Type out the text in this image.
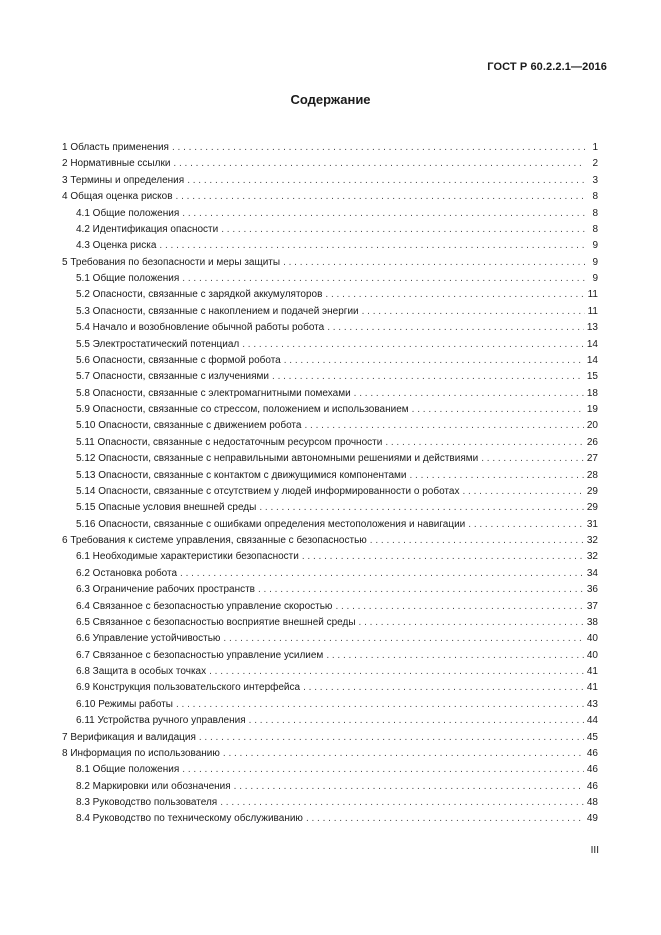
ГОСТ Р 60.2.2.1—2016
Содержание
1 Область применения . . .	1
2 Нормативные ссылки . . .	2
3 Термины и определения . . .	3
4 Общая оценка рисков . . .	8
4.1 Общие положения . . .	8
4.2 Идентификация опасности . . .	8
4.3 Оценка риска . . .	9
5 Требования по безопасности и меры защиты . . .	9
5.1 Общие положения . . .	9
5.2 Опасности, связанные с зарядкой аккумуляторов . . .	11
5.3 Опасности, связанные с накоплением и подачей энергии . . .	11
5.4 Начало и возобновление обычной работы робота . . .	13
5.5 Электростатический потенциал . . .	14
5.6 Опасности, связанные с формой робота . . .	14
5.7 Опасности, связанные с излучениями . . .	15
5.8 Опасности, связанные с электромагнитными помехами . . .	18
5.9 Опасности, связанные со стрессом, положением и использованием . . .	19
5.10 Опасности, связанные с движением робота . . .	20
5.11 Опасности, связанные с недостаточным ресурсом прочности . . .	26
5.12 Опасности, связанные с неправильными автономными решениями и действиями . . .	27
5.13 Опасности, связанные с контактом с движущимися компонентами . . .	28
5.14 Опасности, связанные с отсутствием у людей информированности о роботах . . .	29
5.15 Опасные условия внешней среды . . .	29
5.16 Опасности, связанные с ошибками определения местоположения и навигации . . .	31
6 Требования к системе управления, связанные с безопасностью . . .	32
6.1 Необходимые характеристики безопасности . . .	32
6.2 Остановка робота . . .	34
6.3 Ограничение рабочих пространств . . .	36
6.4 Связанное с безопасностью управление скоростью . . .	37
6.5 Связанное с безопасностью восприятие внешней среды . . .	38
6.6 Управление устойчивостью . . .	40
6.7 Связанное с безопасностью управление усилием . . .	40
6.8 Защита в особых точках . . .	41
6.9 Конструкция пользовательского интерфейса . . .	41
6.10 Режимы работы . . .	43
6.11 Устройства ручного управления . . .	44
7 Верификация и валидация . . .	45
8 Информация по использованию . . .	46
8.1 Общие положения . . .	46
8.2 Маркировки или обозначения . . .	46
8.3 Руководство пользователя . . .	48
8.4 Руководство по техническому обслуживанию . . .	49
III
